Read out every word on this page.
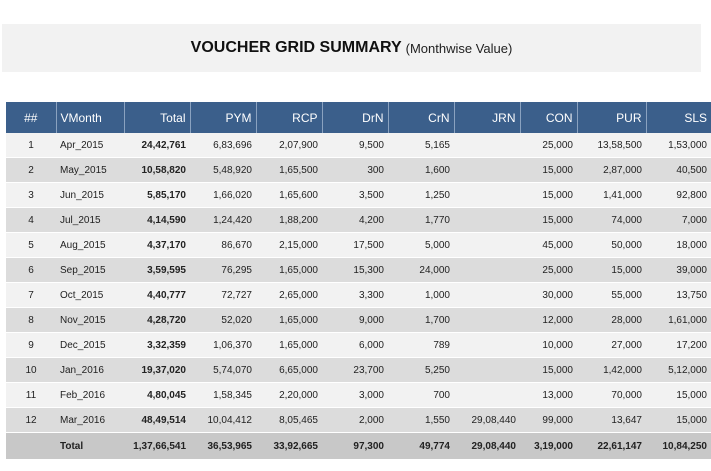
VOUCHER GRID SUMMARY (Monthwise Value)
##	VMonth	Total	PYM	RCP	DrN	CrN	JRN	CON	PUR	SLS
1	Apr_2015	24,42,761	6,83,696	2,07,900	9,500	5,165		25,000	13,58,500	1,53,000
2	May_2015	10,58,820	5,48,920	1,65,500	300	1,600		15,000	2,87,000	40,500
3	Jun_2015	5,85,170	1,66,020	1,65,600	3,500	1,250		15,000	1,41,000	92,800
4	Jul_2015	4,14,590	1,24,420	1,88,200	4,200	1,770		15,000	74,000	7,000
5	Aug_2015	4,37,170	86,670	2,15,000	17,500	5,000		45,000	50,000	18,000
6	Sep_2015	3,59,595	76,295	1,65,000	15,300	24,000		25,000	15,000	39,000
7	Oct_2015	4,40,777	72,727	2,65,000	3,300	1,000		30,000	55,000	13,750
8	Nov_2015	4,28,720	52,020	1,65,000	9,000	1,700		12,000	28,000	1,61,000
9	Dec_2015	3,32,359	1,06,370	1,65,000	6,000	789		10,000	27,000	17,200
10	Jan_2016	19,37,020	5,74,070	6,65,000	23,700	5,250		15,000	1,42,000	5,12,000
11	Feb_2016	4,80,045	1,58,345	2,20,000	3,000	700		13,000	70,000	15,000
12	Mar_2016	48,49,514	10,04,412	8,05,465	2,000	1,550	29,08,440	99,000	13,647	15,000
	Total	1,37,66,541	36,53,965	33,92,665	97,300	49,774	29,08,440	3,19,000	22,61,147	10,84,250
